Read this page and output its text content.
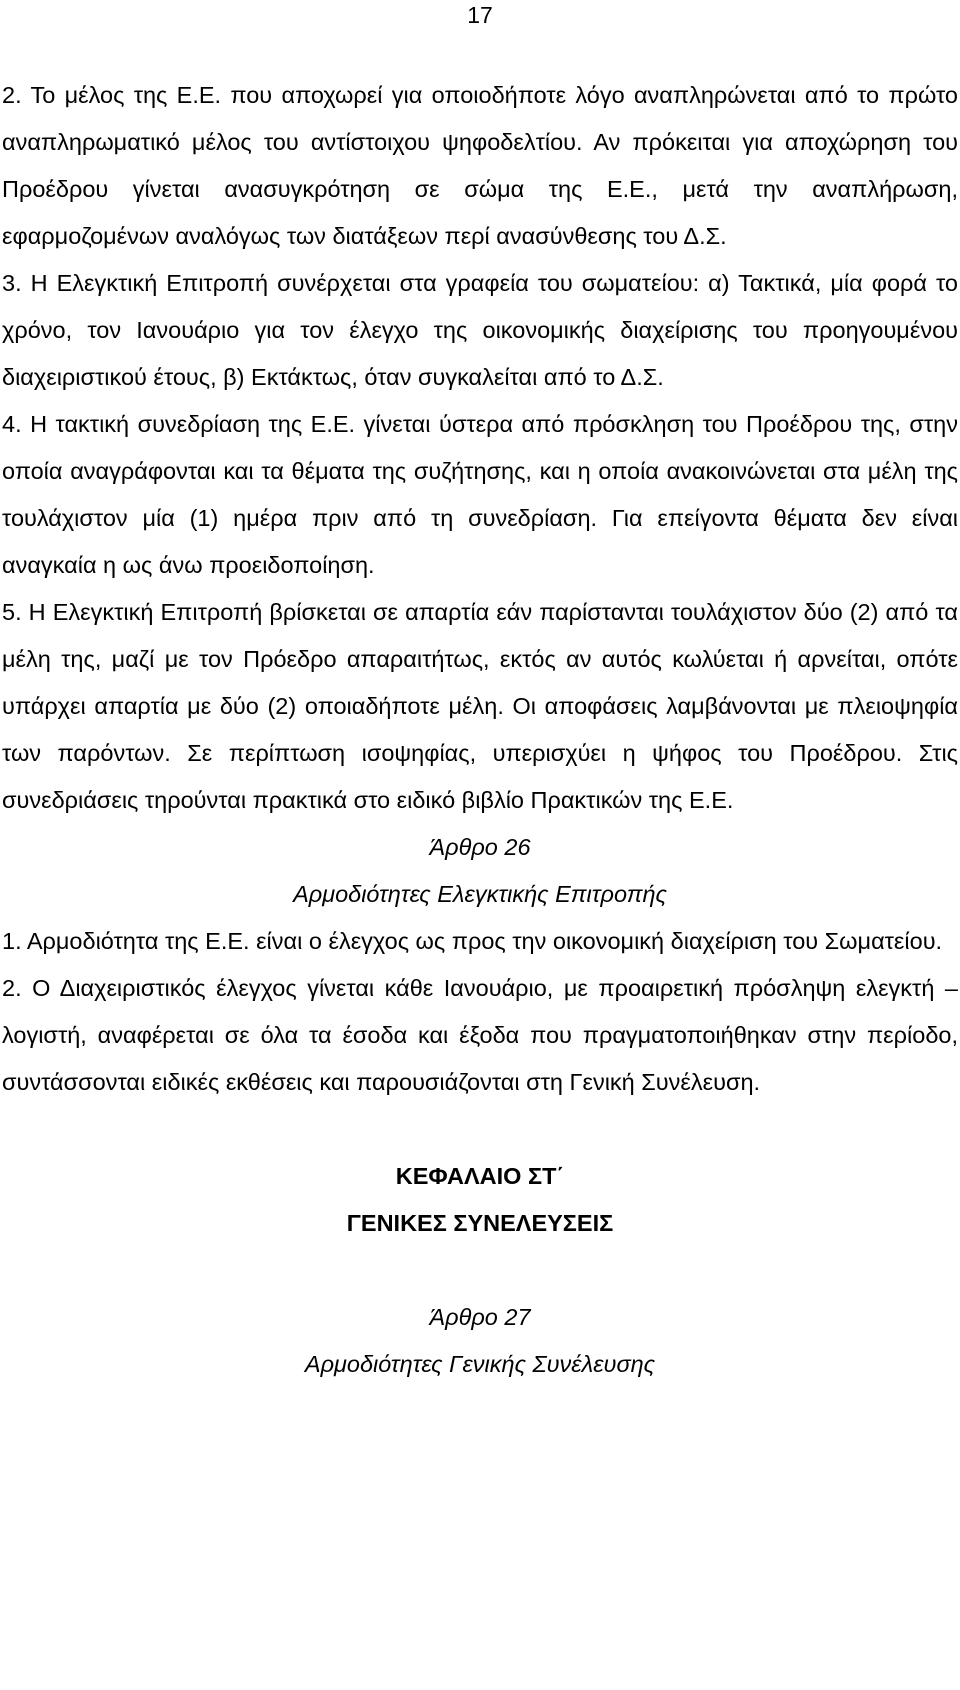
17

2. Το μέλος της Ε.Ε. που αποχωρεί για οποιοδήποτε λόγο αναπληρώνεται από το πρώτο αναπληρωματικό μέλος του αντίστοιχου ψηφοδελτίου. Αν πρόκειται για αποχώρηση του Προέδρου γίνεται ανασυγκρότηση σε σώμα της Ε.Ε., μετά την αναπλήρωση, εφαρμοζομένων αναλόγως των διατάξεων περί ανασύνθεσης του Δ.Σ.

3. Η Ελεγκτική Επιτροπή συνέρχεται στα γραφεία του σωματείου: α) Τακτικά, μία φορά το χρόνο, τον Ιανουάριο για τον έλεγχο της οικονομικής διαχείρισης του προηγουμένου διαχειριστικού έτους, β) Εκτάκτως, όταν συγκαλείται από το Δ.Σ.

4. Η τακτική συνεδρίαση της Ε.Ε. γίνεται ύστερα από πρόσκληση του Προέδρου της, στην οποία αναγράφονται και τα θέματα της συζήτησης, και η οποία ανακοινώνεται στα μέλη της τουλάχιστον μία (1) ημέρα πριν από τη συνεδρίαση. Για επείγοντα θέματα δεν είναι αναγκαία η ως άνω προειδοποίηση.

5. Η Ελεγκτική Επιτροπή βρίσκεται σε απαρτία εάν παρίστανται τουλάχιστον δύο (2) από τα μέλη της, μαζί με τον Πρόεδρο απαραιτήτως, εκτός αν αυτός κωλύεται ή αρνείται, οπότε υπάρχει απαρτία με δύο (2) οποιαδήποτε μέλη. Οι αποφάσεις λαμβάνονται με πλειοψηφία των παρόντων. Σε περίπτωση ισοψηφίας, υπερισχύει η ψήφος του Προέδρου. Στις συνεδριάσεις τηρούνται πρακτικά στο ειδικό βιβλίο Πρακτικών της Ε.Ε.

Άρθρο 26

Αρμοδιότητες Ελεγκτικής Επιτροπής

1. Αρμοδιότητα της Ε.Ε. είναι ο έλεγχος ως προς την οικονομική διαχείριση του Σωματείου.

2. Ο Διαχειριστικός έλεγχος γίνεται κάθε Ιανουάριο, με προαιρετική πρόσληψη ελεγκτή – λογιστή, αναφέρεται σε όλα τα έσοδα και έξοδα που πραγματοποιήθηκαν στην περίοδο, συντάσσονται ειδικές εκθέσεις και παρουσιάζονται στη Γενική Συνέλευση.

ΚΕΦΑΛΑΙΟ ΣΤ΄

ΓΕΝΙΚΕΣ ΣΥΝΕΛΕΥΣΕΙΣ

Άρθρο 27

Αρμοδιότητες Γενικής Συνέλευσης
